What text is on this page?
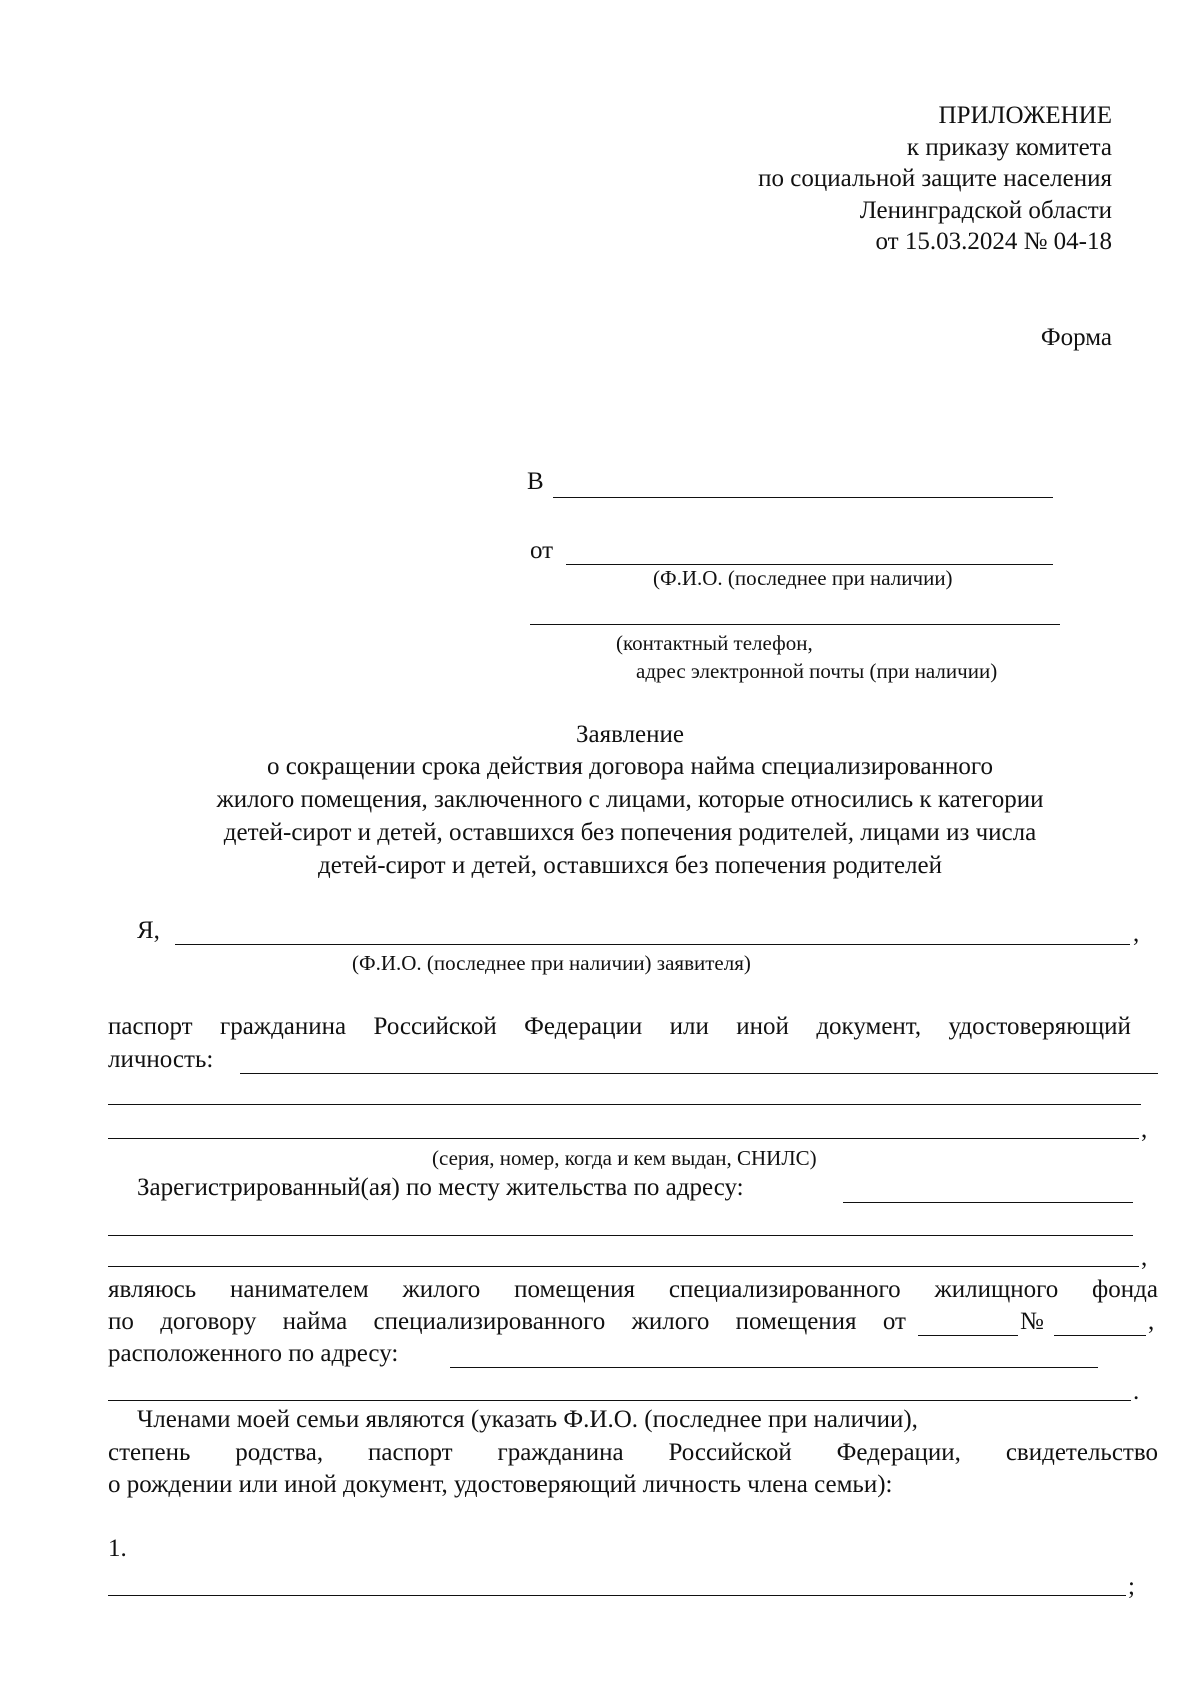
ПРИЛОЖЕНИЕ
к приказу комитета
по социальной защите населения
Ленинградской области
от 15.03.2024 № 04-18
Форма
В
от
(Ф.И.О. (последнее при наличии)
(контактный телефон,
адрес электронной почты (при наличии)
Заявление
о сокращении срока действия договора найма специализированного
жилого помещения, заключенного с лицами, которые относились к категории
детей-сирот и детей, оставшихся без попечения родителей, лицами из числа
детей-сирот и детей, оставшихся без попечения родителей
Я,	,
(Ф.И.О. (последнее при наличии) заявителя)
паспорт гражданина Российской Федерации или иной документ, удостоверяющий
личность:
,
(серия, номер, когда и кем выдан, СНИЛС)
Зарегистрированный(ая) по месту жительства по адресу:
,
являюсь нанимателем жилого помещения специализированного жилищного фонда
по договору найма специализированного жилого помещения от	№	,
расположенного по адресу:
.
Членами моей семьи являются (указать Ф.И.О. (последнее при наличии),
степень родства, паспорт гражданина Российской Федерации, свидетельство
о рождении или иной документ, удостоверяющий личность члена семьи):
1.
;
